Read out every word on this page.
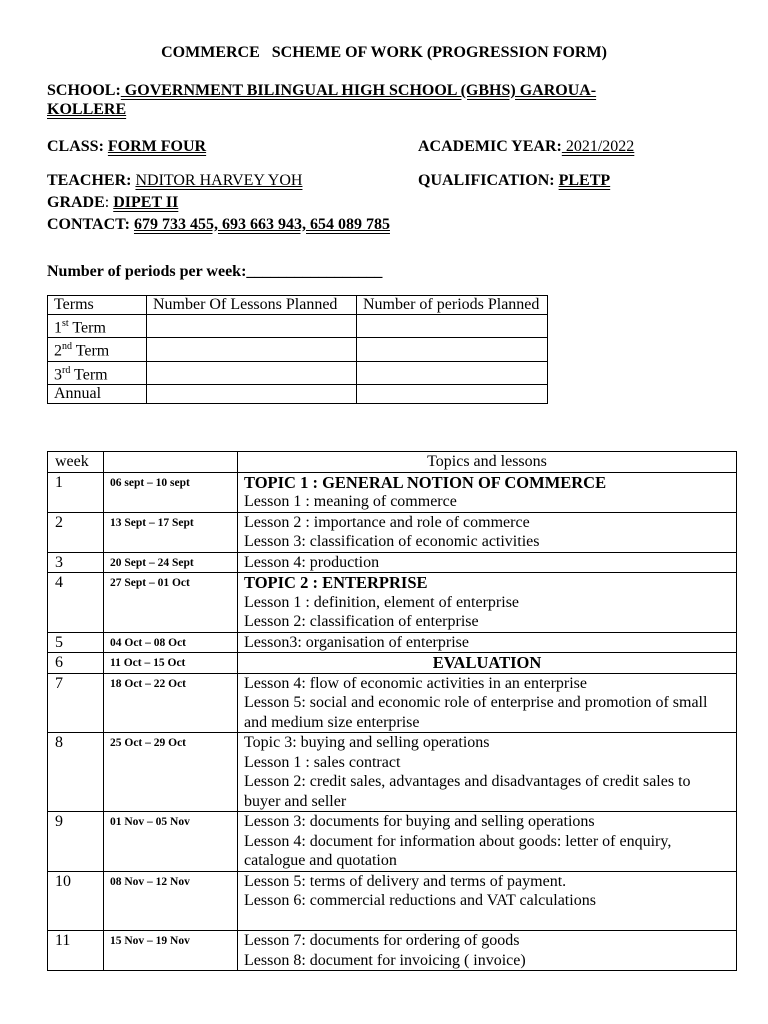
COMMERCE   SCHEME OF WORK (PROGRESSION FORM)
SCHOOL: GOVERNMENT BILINGUAL HIGH SCHOOL (GBHS) GAROUA-
KOLLERE
CLASS: FORM FOUR	ACADEMIC YEAR: 2021/2022
TEACHER: NDITOR HARVEY YOH	QUALIFICATION: PLETP
GRADE: DIPET II
CONTACT: 679 733 455, 693 663 943, 654 089 785
Number of periods per week:_________________
Terms	Number Of Lessons Planned	Number of periods Planned
1st Term		
2nd Term		
3rd Term		
Annual		
week		Topics and lessons
1	06 sept – 10 sept	TOPIC 1 : GENERAL NOTION OF COMMERCE
Lesson 1 : meaning of commerce

2	13 Sept – 17 Sept	Lesson 2 : importance and role of commerce
Lesson 3: classification of economic activities

3	20 Sept – 24 Sept	Lesson 4: production

4	27 Sept – 01 Oct	TOPIC 2 : ENTERPRISE
Lesson 1 : definition, element of enterprise
Lesson 2: classification of enterprise

5	04 Oct – 08 Oct	Lesson3: organisation of enterprise

6	11 Oct – 15 Oct	EVALUATION

7	18 Oct – 22 Oct	Lesson 4: flow of economic activities in an enterprise
Lesson 5: social and economic role of enterprise and promotion of small and medium size enterprise

8	25 Oct – 29 Oct	Topic 3: buying and selling operations
Lesson 1 : sales contract
Lesson 2: credit sales, advantages and disadvantages of credit sales to buyer and seller

9	01 Nov – 05 Nov	Lesson 3: documents for buying and selling operations
Lesson 4: document for information about goods: letter of enquiry, catalogue and quotation

10	08 Nov – 12 Nov	Lesson 5: terms of delivery and terms of payment.
Lesson 6: commercial reductions and VAT calculations

11	15 Nov – 19 Nov	Lesson 7: documents for ordering of goods
Lesson 8: document for invoicing ( invoice)
